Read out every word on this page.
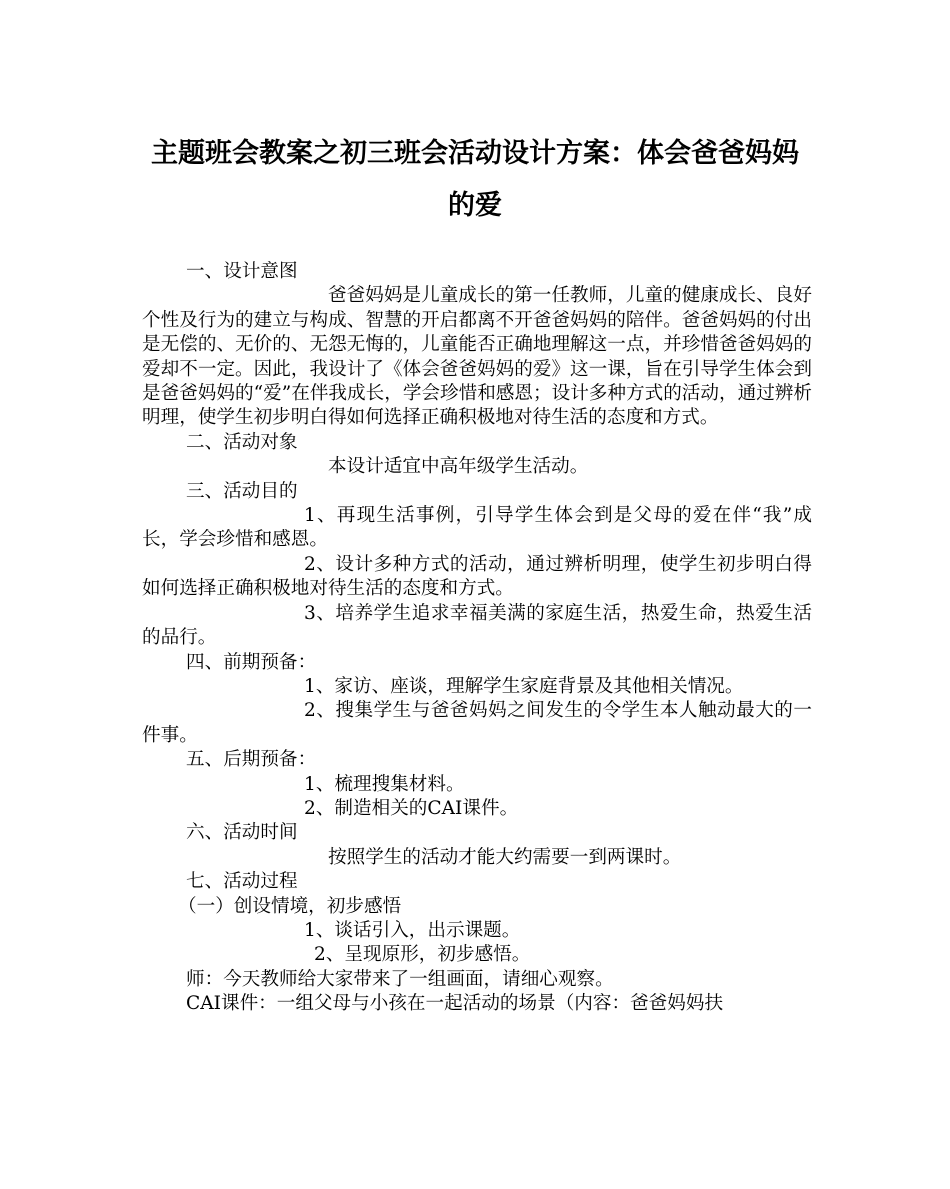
主题班会教案之初三班会活动设计方案：体会爸爸妈妈的爱

一、设计意图

爸爸妈妈是儿童成长的第一任教师，儿童的健康成长、良好个性及行为的建立与构成、智慧的开启都离不开爸爸妈妈的陪伴。爸爸妈妈的付出是无偿的、无价的、无怨无悔的，儿童能否正确地理解这一点，并珍惜爸爸妈妈的爱却不一定。因此，我设计了《体会爸爸妈妈的爱》这一课，旨在引导学生体会到是爸爸妈妈的“爱”在伴我成长，学会珍惜和感恩；设计多种方式的活动，通过辨析明理，使学生初步明白得如何选择正确积极地对待生活的态度和方式。

二、活动对象

本设计适宜中高年级学生活动。

三、活动目的

1、再现生活事例，引导学生体会到是父母的爱在伴“我”成长，学会珍惜和感恩。

2、设计多种方式的活动，通过辨析明理，使学生初步明白得如何选择正确积极地对待生活的态度和方式。

3、培养学生追求幸福美满的家庭生活，热爱生命，热爱生活的品行。

四、前期预备：

1、家访、座谈，理解学生家庭背景及其他相关情况。

2、搜集学生与爸爸妈妈之间发生的令学生本人触动最大的一件事。

五、后期预备：

1、梳理搜集材料。

2、制造相关的CAI课件。

六、活动时间

按照学生的活动才能大约需要一到两课时。

七、活动过程

（一）创设情境，初步感悟

1、谈话引入，出示课题。

2、呈现原形，初步感悟。

师：今天教师给大家带来了一组画面，请细心观察。

CAI课件：一组父母与小孩在一起活动的场景（内容：爸爸妈妈扶
